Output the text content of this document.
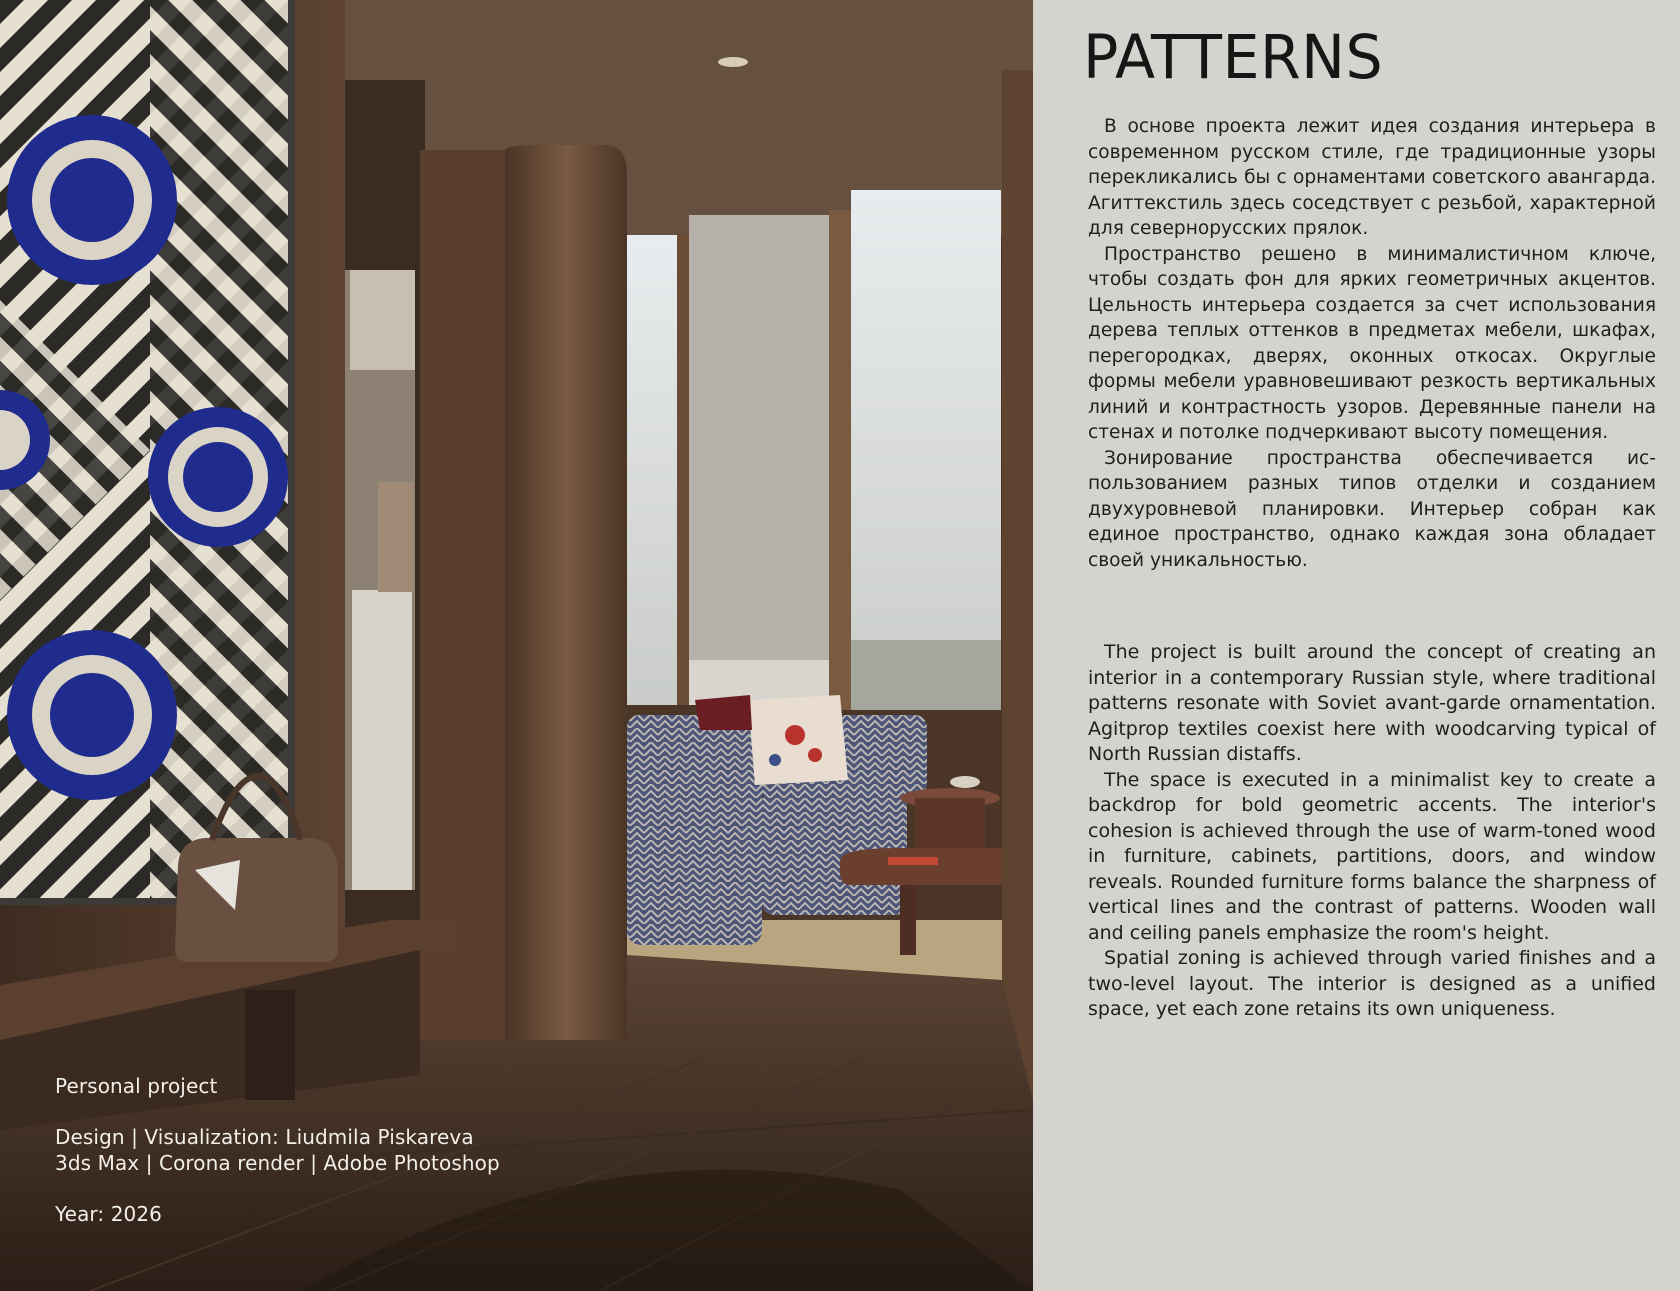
Personal project
Design | Visualization: Liudmila Piskareva
3ds Max | Corona render | Adobe Photoshop
Year: 2026
PATTERNS

В основе проекта лежит идея создания интерьера в современном русском стиле, где традиционные узоры перекликались бы с орнаментами советского авангарда. Агиттекстиль здесь соседствует с резьбой, характерной для севернорусских прялок.

Пространство решено в минималистичном ключе, чтобы создать фон для ярких геометричных акцентов. Цельность интерьера создается за счет использования дерева теплых оттенков в предметах мебели, шкафах, перегородках, дверях, оконных откосах. Округлые формы мебели уравновешивают резкость вертикальных линий и контрастность узоров. Деревянные панели на стенах и потолке подчеркивают высоту помещения.

Зонирование пространства обеспечивается использованием разных типов отделки и созданием двухуровневой планировки. Интерьер собран как единое пространство, однако каждая зона обладает своей уникальностью.

The project is built around the concept of creating an interior in a contemporary Russian style, where traditional patterns resonate with Soviet avant-garde ornamentation. Agitprop textiles coexist here with woodcarving typical of North Russian distaffs.

The space is executed in a minimalist key to create a backdrop for bold geometric accents. The interior's cohesion is achieved through the use of warm-toned wood in furniture, cabinets, partitions, doors, and window reveals. Rounded furniture forms balance the sharpness of vertical lines and the contrast of patterns. Wooden wall and ceiling panels emphasize the room's height.

Spatial zoning is achieved through varied finishes and a two-level layout. The interior is designed as a unified space, yet each zone retains its own uniqueness.
